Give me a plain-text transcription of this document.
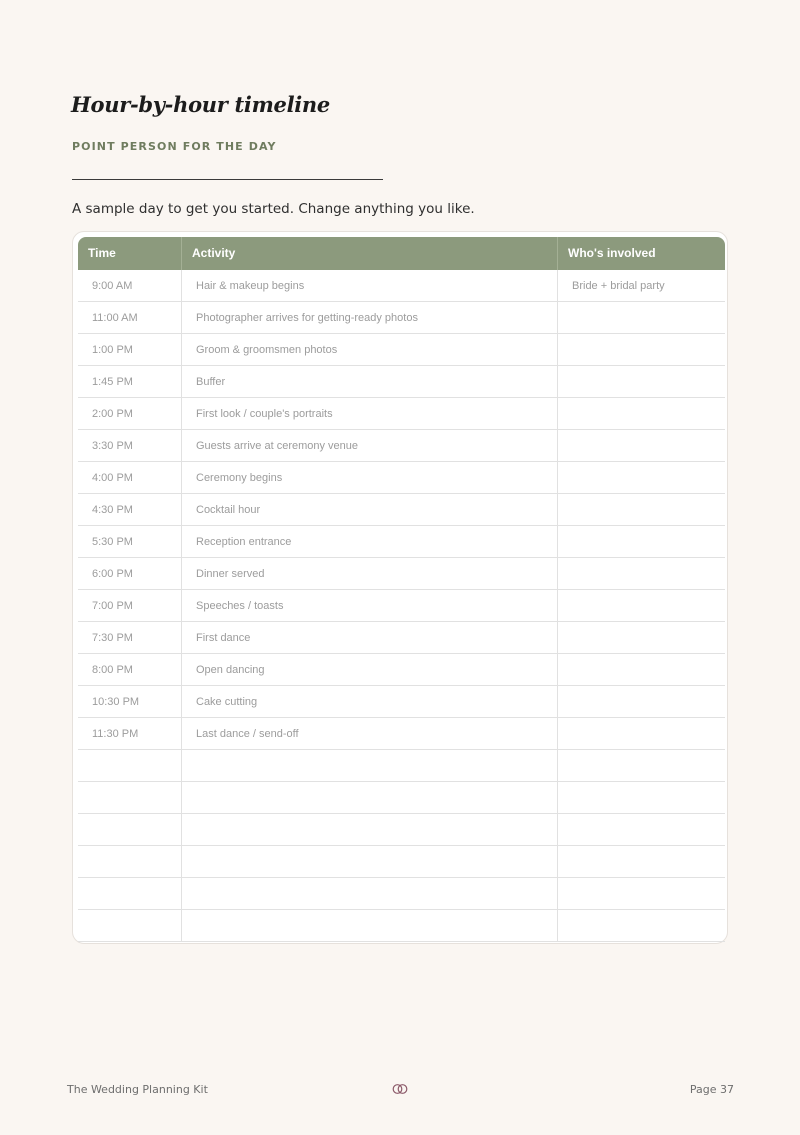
Hour-by-hour timeline
POINT PERSON FOR THE DAY

A sample day to get you started. Change anything you like.

Time	Activity	Who's involved
9:00 AM	Hair & makeup begins	Bride + bridal party
11:00 AM	Photographer arrives for getting-ready photos
1:00 PM	Groom & groomsmen photos
1:45 PM	Buffer
2:00 PM	First look / couple's portraits
3:30 PM	Guests arrive at ceremony venue
4:00 PM	Ceremony begins
4:30 PM	Cocktail hour
5:30 PM	Reception entrance
6:00 PM	Dinner served
7:00 PM	Speeches / toasts
7:30 PM	First dance
8:00 PM	Open dancing
10:30 PM	Cake cutting
11:30 PM	Last dance / send-off
The Wedding Planning Kit	Page 37
